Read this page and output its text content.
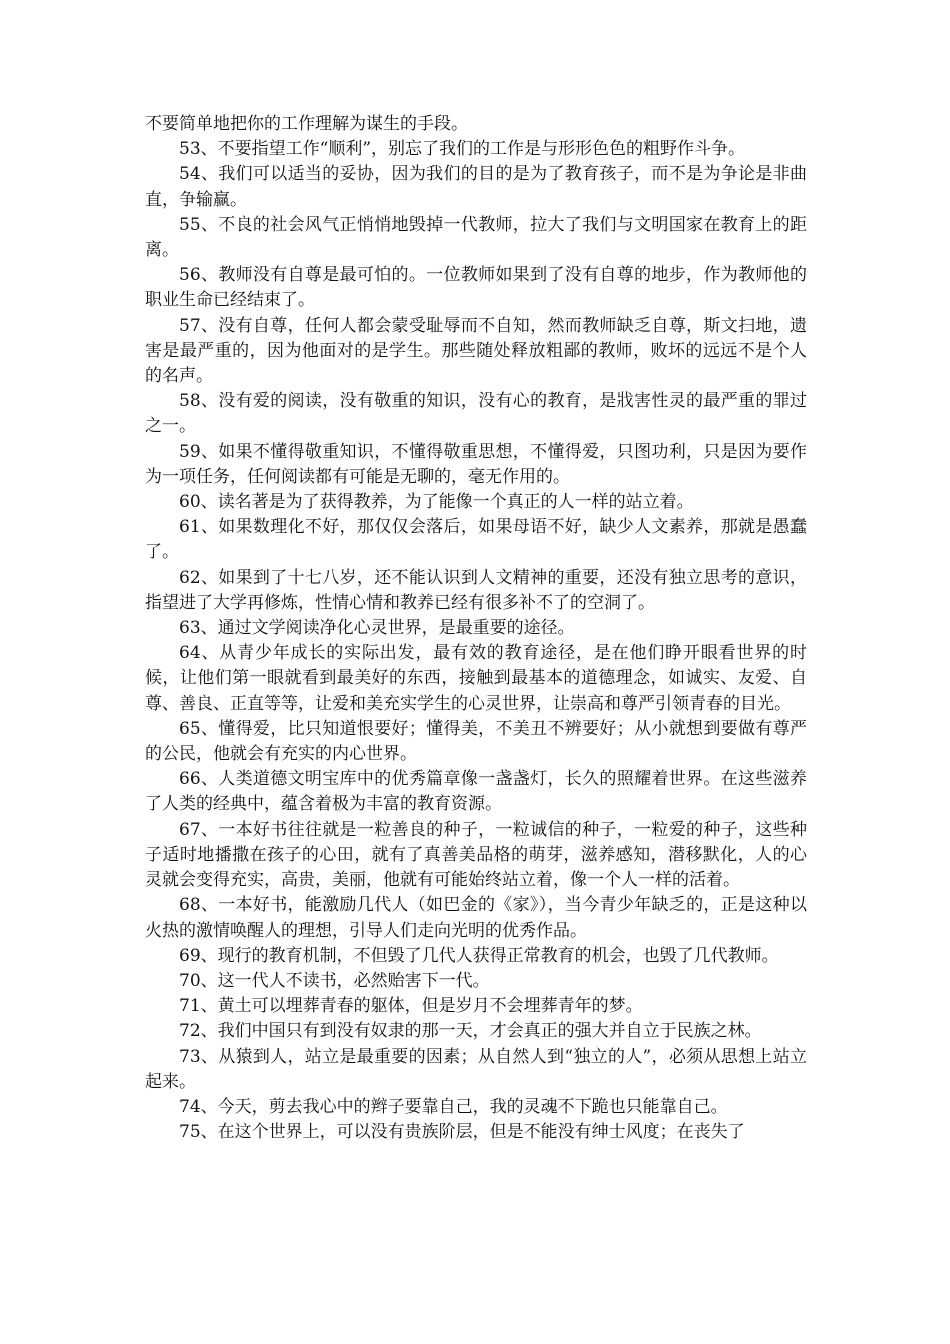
不要简单地把你的工作理解为谋生的手段。

53、不要指望工作“顺利”，别忘了我们的工作是与形形色色的粗野作斗争。

54、我们可以适当的妥协，因为我们的目的是为了教育孩子，而不是为争论是非曲直，争输赢。

55、不良的社会风气正悄悄地毁掉一代教师，拉大了我们与文明国家在教育上的距离。

56、教师没有自尊是最可怕的。一位教师如果到了没有自尊的地步，作为教师他的职业生命已经结束了。

57、没有自尊，任何人都会蒙受耻辱而不自知，然而教师缺乏自尊，斯文扫地，遗害是最严重的，因为他面对的是学生。那些随处释放粗鄙的教师，败坏的远远不是个人的名声。

58、没有爱的阅读，没有敬重的知识，没有心的教育，是戕害性灵的最严重的罪过之一。

59、如果不懂得敬重知识，不懂得敬重思想，不懂得爱，只图功利，只是因为要作为一项任务，任何阅读都有可能是无聊的，毫无作用的。

60、读名著是为了获得教养，为了能像一个真正的人一样的站立着。

61、如果数理化不好，那仅仅会落后，如果母语不好，缺少人文素养，那就是愚蠢了。

62、如果到了十七八岁，还不能认识到人文精神的重要，还没有独立思考的意识，指望进了大学再修炼，性情心情和教养已经有很多补不了的空洞了。

63、通过文学阅读净化心灵世界，是最重要的途径。

64、从青少年成长的实际出发，最有效的教育途径，是在他们睁开眼看世界的时候，让他们第一眼就看到最美好的东西，接触到最基本的道德理念，如诚实、友爱、自尊、善良、正直等等，让爱和美充实学生的心灵世界，让崇高和尊严引领青春的目光。

65、懂得爱，比只知道恨要好；懂得美，不美丑不辨要好；从小就想到要做有尊严的公民，他就会有充实的内心世界。

66、人类道德文明宝库中的优秀篇章像一盏盏灯，长久的照耀着世界。在这些滋养了人类的经典中，蕴含着极为丰富的教育资源。

67、一本好书往往就是一粒善良的种子，一粒诚信的种子，一粒爱的种子，这些种子适时地播撒在孩子的心田，就有了真善美品格的萌芽，滋养感知，潜移默化，人的心灵就会变得充实，高贵，美丽，他就有可能始终站立着，像一个人一样的活着。

68、一本好书，能激励几代人（如巴金的《家》），当今青少年缺乏的，正是这种以火热的激情唤醒人的理想，引导人们走向光明的优秀作品。

69、现行的教育机制，不但毁了几代人获得正常教育的机会，也毁了几代教师。

70、这一代人不读书，必然贻害下一代。

71、黄土可以埋葬青春的躯体，但是岁月不会埋葬青年的梦。

72、我们中国只有到没有奴隶的那一天，才会真正的强大并自立于民族之林。

73、从猿到人，站立是最重要的因素；从自然人到“独立的人”，必须从思想上站立起来。

74、今天，剪去我心中的辫子要靠自己，我的灵魂不下跪也只能靠自己。

75、在这个世界上，可以没有贵族阶层，但是不能没有绅士风度；在丧失了
